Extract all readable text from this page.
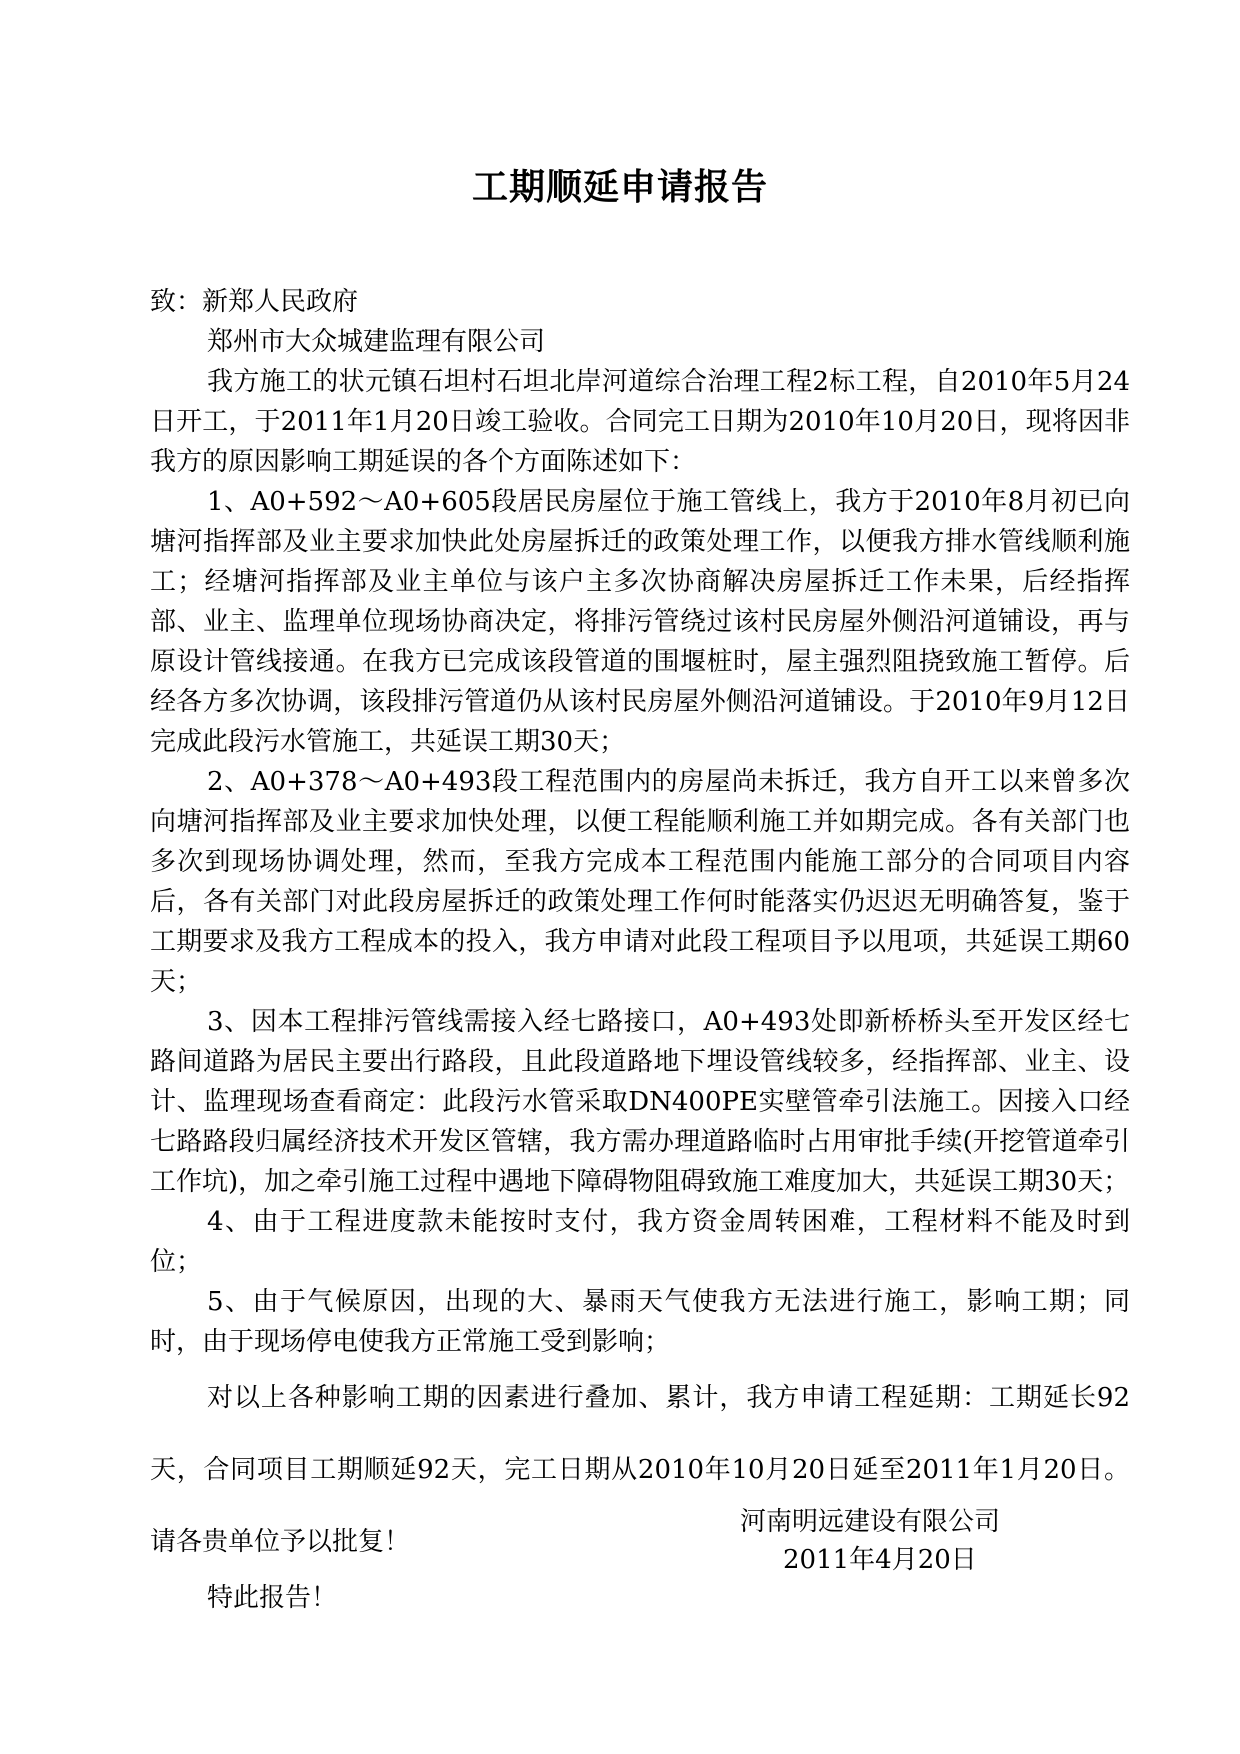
工期顺延申请报告
致：新郑人民政府
郑州市大众城建监理有限公司

我方施工的状元镇石坦村石坦北岸河道综合治理工程2标工程，自2010年5月24日开工，于2011年1月20日竣工验收。合同完工日期为2010年10月20日，现将因非我方的原因影响工期延误的各个方面陈述如下：

1、A0+592～A0+605段居民房屋位于施工管线上，我方于2010年8月初已向塘河指挥部及业主要求加快此处房屋拆迁的政策处理工作，以便我方排水管线顺利施工；经塘河指挥部及业主单位与该户主多次协商解决房屋拆迁工作未果，后经指挥部、业主、监理单位现场协商决定，将排污管绕过该村民房屋外侧沿河道铺设，再与原设计管线接通。在我方已完成该段管道的围堰桩时，屋主强烈阻挠致施工暂停。后经各方多次协调，该段排污管道仍从该村民房屋外侧沿河道铺设。于2010年9月12日完成此段污水管施工，共延误工期30天；

2、A0+378～A0+493段工程范围内的房屋尚未拆迁，我方自开工以来曾多次向塘河指挥部及业主要求加快处理，以便工程能顺利施工并如期完成。各有关部门也多次到现场协调处理，然而，至我方完成本工程范围内能施工部分的合同项目内容后，各有关部门对此段房屋拆迁的政策处理工作何时能落实仍迟迟无明确答复，鉴于工期要求及我方工程成本的投入，我方申请对此段工程项目予以甩项，共延误工期60天；

3、因本工程排污管线需接入经七路接口，A0+493处即新桥桥头至开发区经七路间道路为居民主要出行路段，且此段道路地下埋设管线较多，经指挥部、业主、设计、监理现场查看商定：此段污水管采取DN400PE实壁管牵引法施工。因接入口经七路路段归属经济技术开发区管辖，我方需办理道路临时占用审批手续(开挖管道牵引工作坑)，加之牵引施工过程中遇地下障碍物阻碍致施工难度加大，共延误工期30天；

4、由于工程进度款未能按时支付，我方资金周转困难，工程材料不能及时到位；

5、由于气候原因，出现的大、暴雨天气使我方无法进行施工，影响工期；同时，由于现场停电使我方正常施工受到影响；

对以上各种影响工期的因素进行叠加、累计，我方申请工程延期：工期延长92天，合同项目工期顺延92天，完工日期从2010年10月20日延至2011年1月20日。请各贵单位予以批复！

特此报告！

河南明远建设有限公司
2011年4月20日
